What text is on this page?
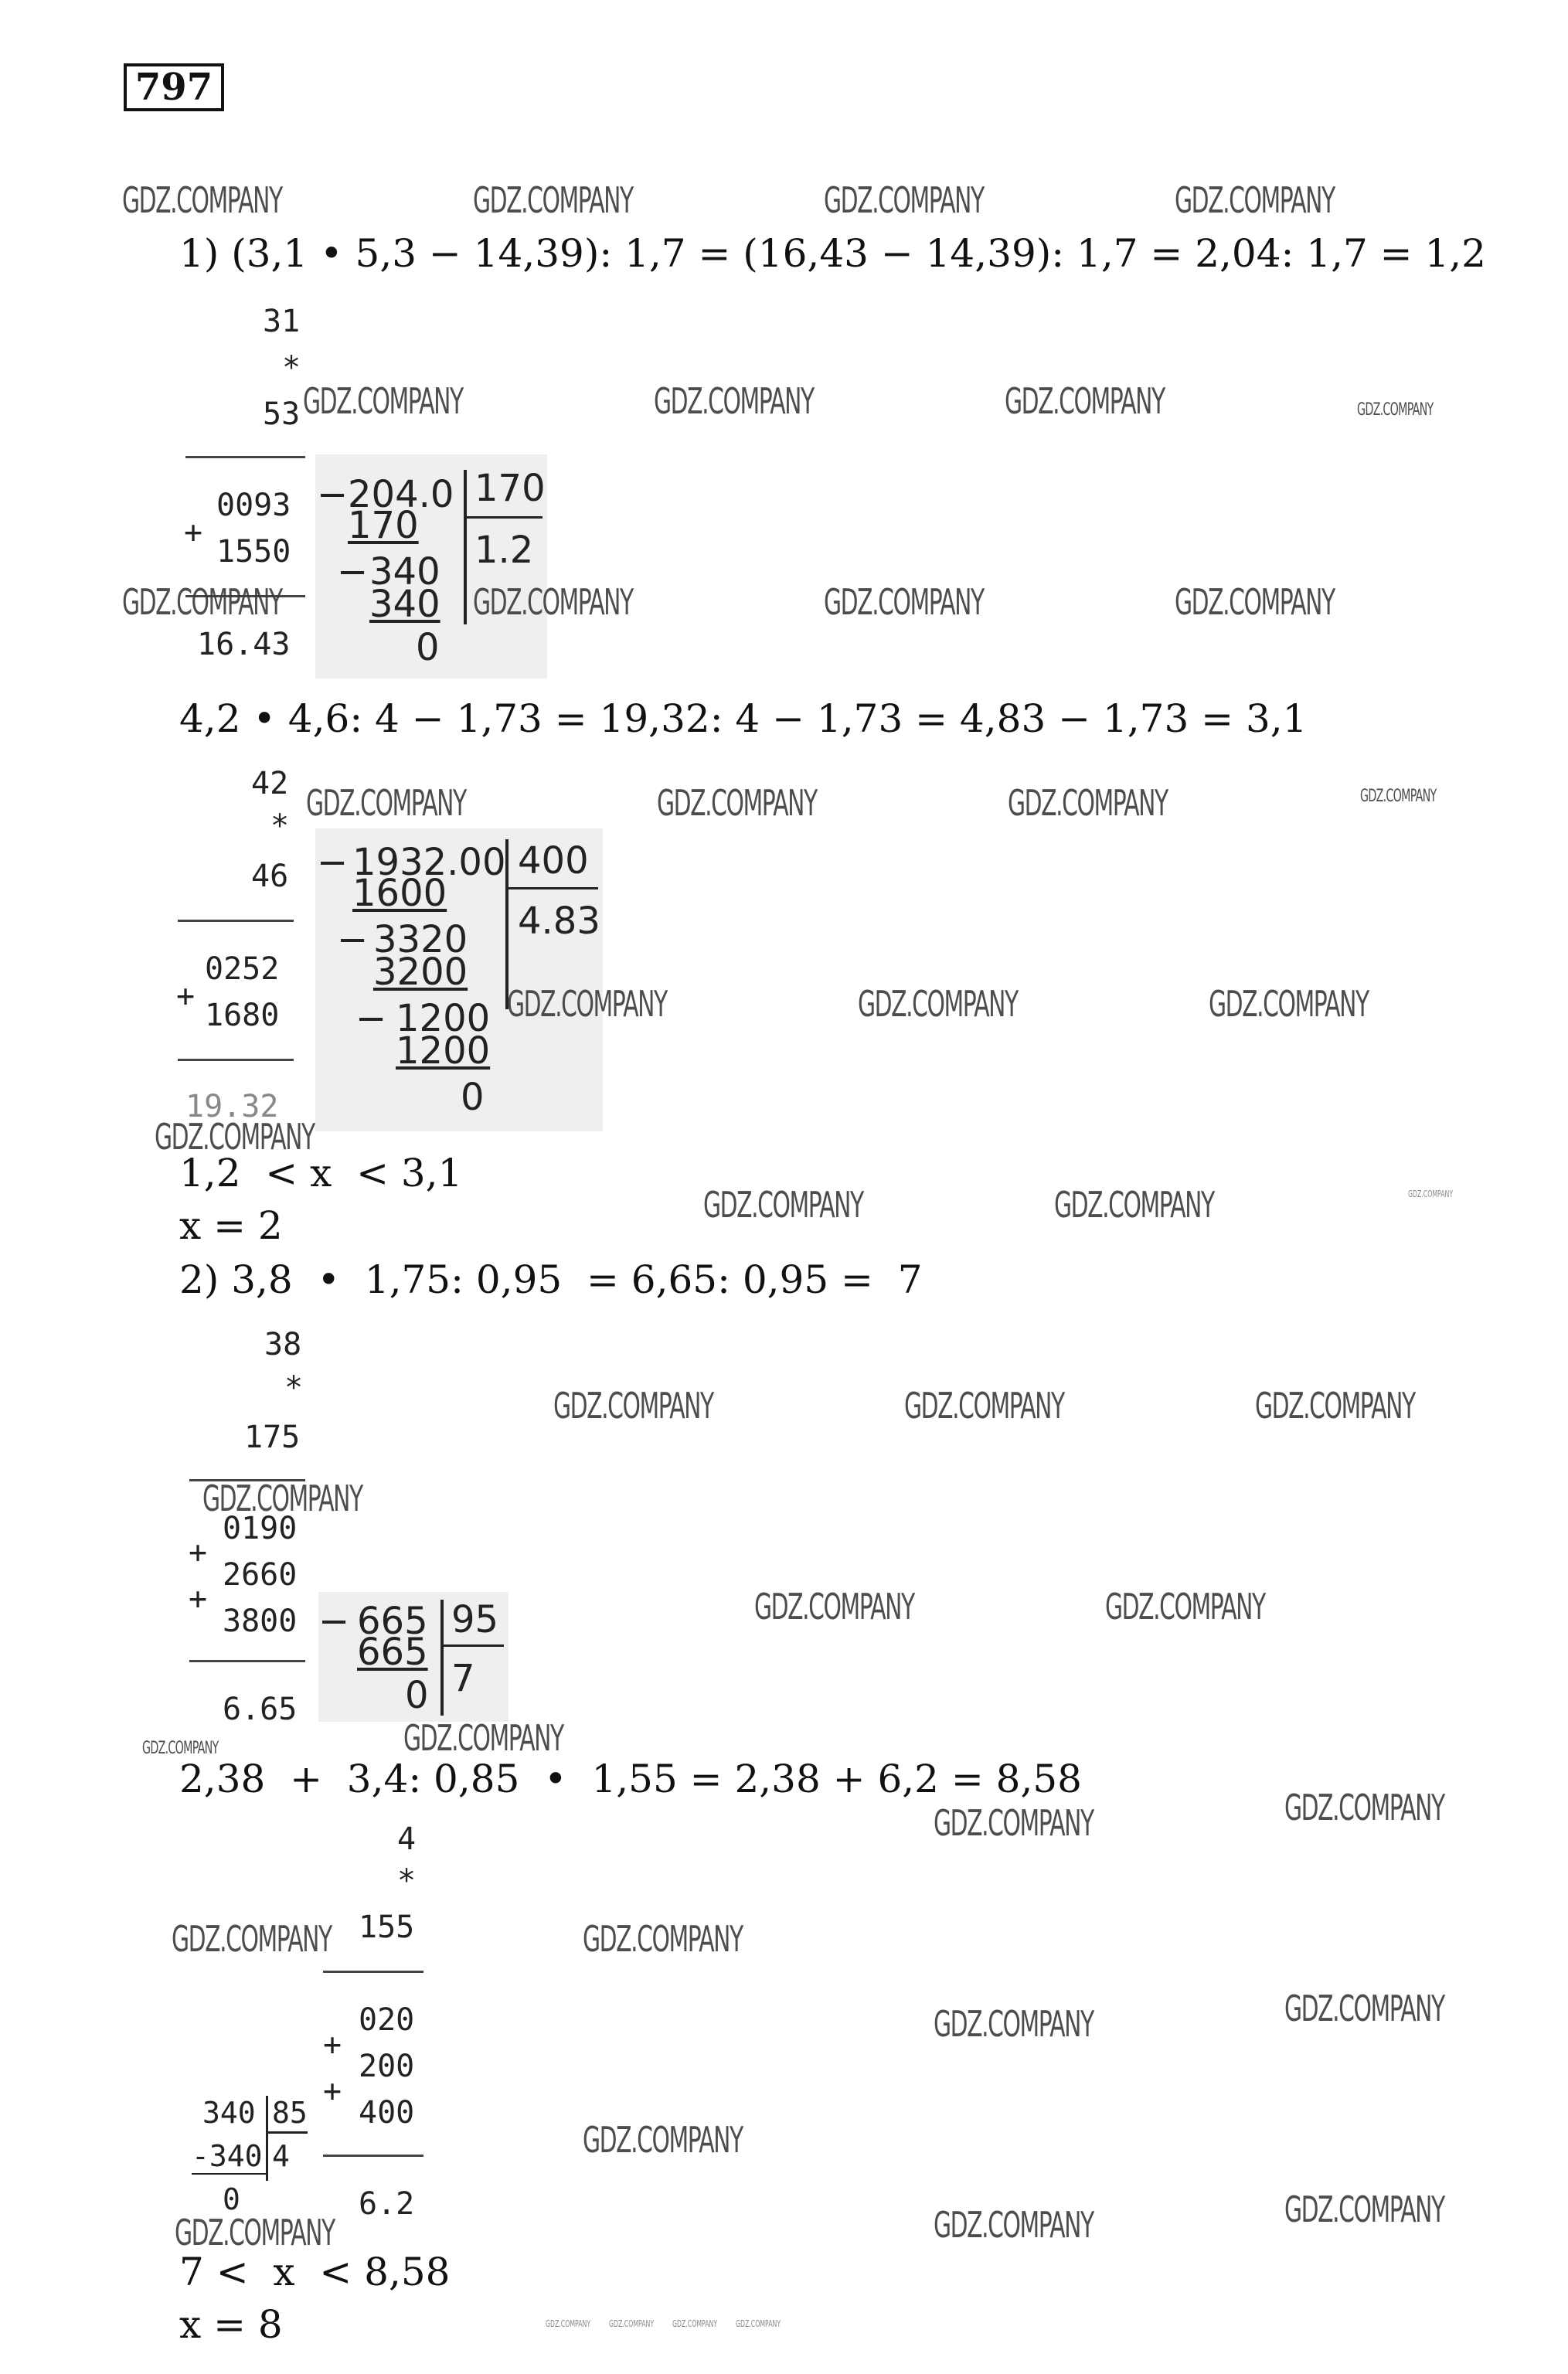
797
1) (3,1 • 5,3 − 14,39): 1,7 = (16,43 − 14,39): 1,7 = 2,04: 1,7 = 1,2
31
*
53
0093
+
1550
16.43
− 204.0 170
1.2
170
− 340
340
0
4,2 • 4,6: 4 − 1,73 = 19,32: 4 − 1,73 = 4,83 − 1,73 = 3,1
42
*
46
0252
+
1680
19.32
− 1932.00 400
4.83
1600
− 3320
3200
− 1200
1200
0
1,2  < x  < 3,1
x = 2
2) 3,8  •  1,75: 0,95  = 6,65: 0,95 =  7
38
*
175
0190
+
2660
+
3800
6.65
− 665 95
7
665
0
2,38  +  3,4: 0,85  •  1,55 = 2,38 + 6,2 = 8,58
4
*
155
020
+
200
+
400
6.2
340 85
-340 4
0
7 <  x  < 8,58
x = 8
GDZ.COMPANY	GDZ.COMPANY	GDZ.COMPANY	GDZ.COMPANY
GDZ.COMPANY	GDZ.COMPANY	GDZ.COMPANY	GDZ.COMPANY
GDZ.COMPANY	GDZ.COMPANY	GDZ.COMPANY	GDZ.COMPANY
GDZ.COMPANY	GDZ.COMPANY	GDZ.COMPANY	GDZ.COMPANY
GDZ.COMPANY	GDZ.COMPANY	GDZ.COMPANY
GDZ.COMPANY
GDZ.COMPANY	GDZ.COMPANY	GDZ.COMPANY
GDZ.COMPANY	GDZ.COMPANY	GDZ.COMPANY
GDZ.COMPANY
GDZ.COMPANY	GDZ.COMPANY
GDZ.COMPANY	GDZ.COMPANY
GDZ.COMPANY	GDZ.COMPANY
GDZ.COMPANY	GDZ.COMPANY
GDZ.COMPANY	GDZ.COMPANY
GDZ.COMPANY
GDZ.COMPANY	GDZ.COMPANY
GDZ.COMPANY
GDZ.COMPANY GDZ.COMPANY GDZ.COMPANY GDZ.COMPANY
